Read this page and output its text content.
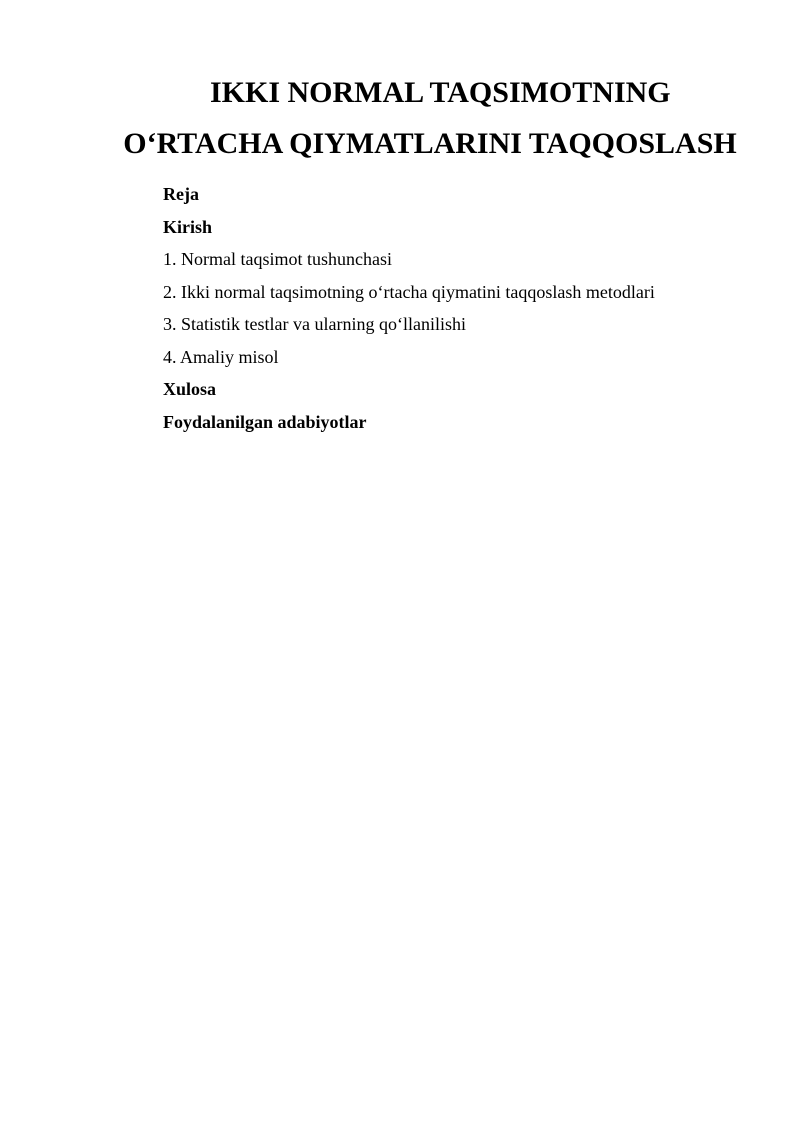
IKKI NORMAL TAQSIMOTNING
O‘RTACHA QIYMATLARINI TAQQOSLASH
Reja
Kirish
1. Normal taqsimot tushunchasi
2. Ikki normal taqsimotning o‘rtacha qiymatini taqqoslash metodlari
3. Statistik testlar va ularning qo‘llanilishi
4. Amaliy misol
Xulosa
Foydalanilgan adabiyotlar
